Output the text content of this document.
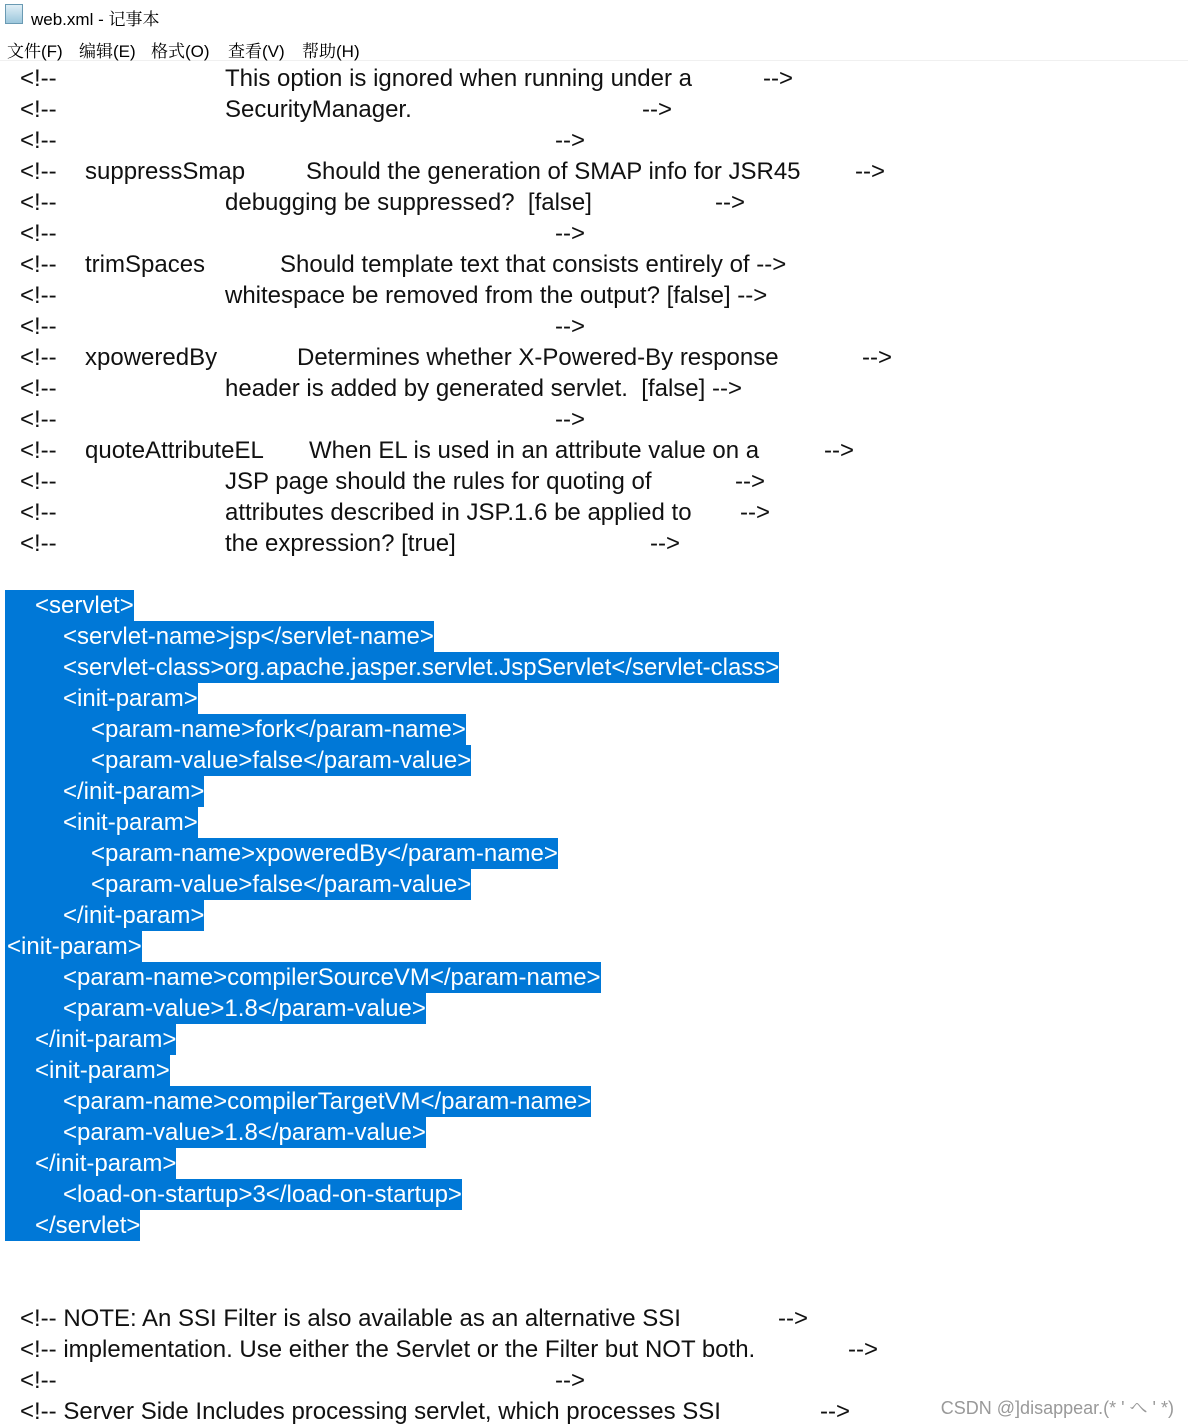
web.xml - 记事本
文件(F) 编辑(E) 格式(O) 查看(V) 帮助(H)
<!--	This option is ignored when running under a	-->
<!--	SecurityManager.	-->
<!--	-->
<!-- suppressSmap	Should the generation of SMAP info for JSR45 -->
<!--	debugging be suppressed?  [false]	-->
<!--	-->
<!-- trimSpaces	Should template text that consists entirely of -->
<!--	whitespace be removed from the output? [false] -->
<!--	-->
<!-- xpoweredBy	Determines whether X-Powered-By response	-->
<!--	header is added by generated servlet.  [false] -->
<!--	-->
<!-- quoteAttributeEL When EL is used in an attribute value on a	-->
<!--	JSP page should the rules for quoting of	-->
<!--	attributes described in JSP.1.6 be applied to -->
<!--	the expression? [true]	-->
<servlet>
<servlet-name>jsp</servlet-name>
<servlet-class>org.apache.jasper.servlet.JspServlet</servlet-class>
<init-param>
<param-name>fork</param-name>
<param-value>false</param-value>
</init-param>
<init-param>
<param-name>xpoweredBy</param-name>
<param-value>false</param-value>
</init-param>
<init-param>
<param-name>compilerSourceVM</param-name>
<param-value>1.8</param-value>
</init-param>
<init-param>
<param-name>compilerTargetVM</param-name>
<param-value>1.8</param-value>
</init-param>
<load-on-startup>3</load-on-startup>
</servlet>
<!-- NOTE: An SSI Filter is also available as an alternative SSI	-->
<!-- implementation. Use either the Servlet or the Filter but NOT both.	-->
<!--	-->
<!-- Server Side Includes processing servlet, which processes SSI	-->	CSDN @]disappear.(* ' へ ' *)
